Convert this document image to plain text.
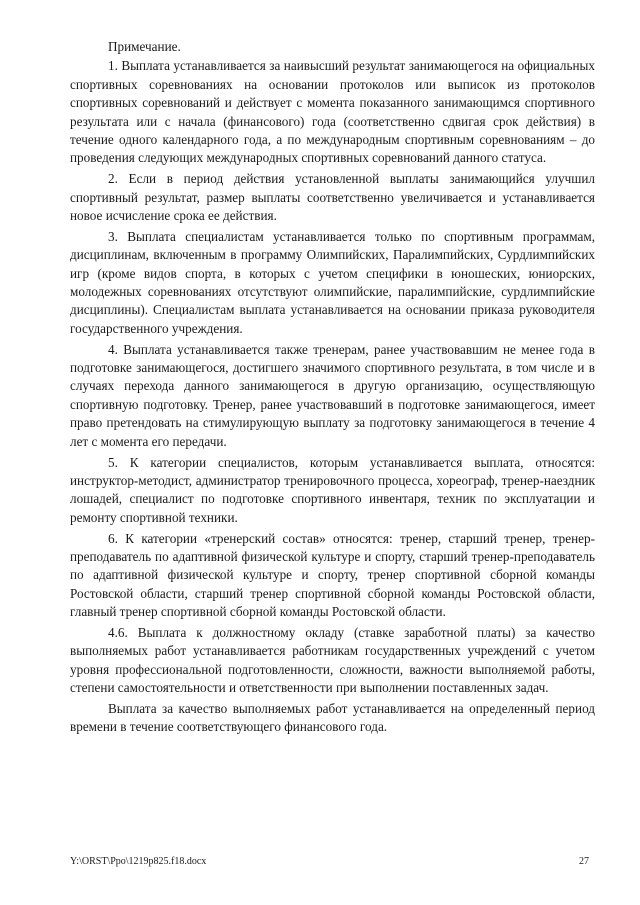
Примечание.

1. Выплата устанавливается за наивысший результат занимающегося на официальных спортивных соревнованиях на основании протоколов или выписок из протоколов спортивных соревнований и действует с момента показанного занимающимся спортивного результата или с начала (финансового) года (соответственно сдвигая срок действия) в течение одного календарного года, а по международным спортивным соревнованиям – до проведения следующих международных спортивных соревнований данного статуса.

2. Если в период действия установленной выплаты занимающийся улучшил спортивный результат, размер выплаты соответственно увеличивается и устанавливается новое исчисление срока ее действия.

3. Выплата специалистам устанавливается только по спортивным программам, дисциплинам, включенным в программу Олимпийских, Паралимпийских, Сурдлимпийских игр (кроме видов спорта, в которых с учетом специфики в юношеских, юниорских, молодежных соревнованиях отсутствуют олимпийские, паралимпийские, сурдлимпийские дисциплины). Специалистам выплата устанавливается на основании приказа руководителя государственного учреждения.

4. Выплата устанавливается также тренерам, ранее участвовавшим не менее года в подготовке занимающегося, достигшего значимого спортивного результата, в том числе и в случаях перехода данного занимающегося в другую организацию, осуществляющую спортивную подготовку. Тренер, ранее участвовавший в подготовке занимающегося, имеет право претендовать на стимулирующую выплату за подготовку занимающегося в течение 4 лет с момента его передачи.

5. К категории специалистов, которым устанавливается выплата, относятся: инструктор-методист, администратор тренировочного процесса, хореограф, тренер-наездник лошадей, специалист по подготовке спортивного инвентаря, техник по эксплуатации и ремонту спортивной техники.

6. К категории «тренерский состав» относятся: тренер, старший тренер, тренер-преподаватель по адаптивной физической культуре и спорту, старший тренер-преподаватель по адаптивной физической культуре и спорту, тренер спортивной сборной команды Ростовской области, старший тренер спортивной сборной команды Ростовской области, главный тренер спортивной сборной команды Ростовской области.

4.6. Выплата к должностному окладу (ставке заработной платы) за качество выполняемых работ устанавливается работникам государственных учреждений с учетом уровня профессиональной подготовленности, сложности, важности выполняемой работы, степени самостоятельности и ответственности при выполнении поставленных задач.

Выплата за качество выполняемых работ устанавливается на определенный период времени в течение соответствующего финансового года.

Y:\ORST\Ppo\1219p825.f18.docx	27
